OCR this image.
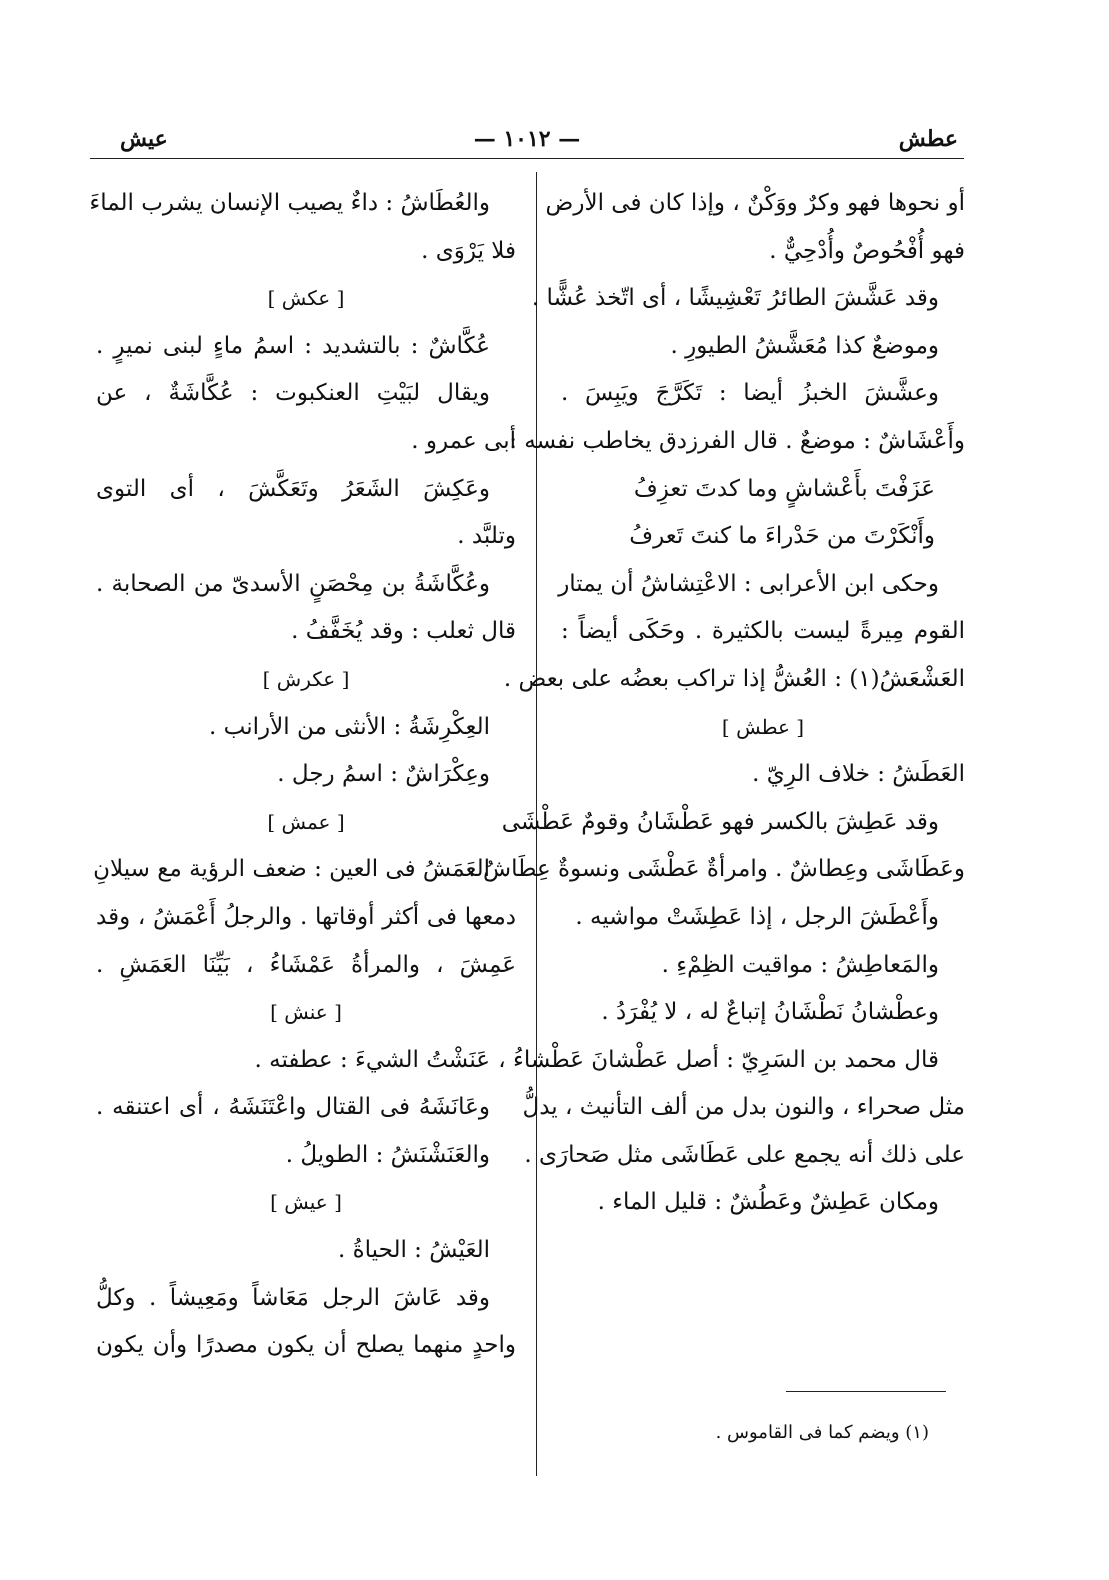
عطش
— ١٠١٢ —
عيش
أو نحوها فهو وكرٌ ووَكْنٌ ، وإذا كان فى الأرض
فهو أُفْحُوصٌ وأُدْحِيٌّ .
وقد عَشَّشَ الطائرُ تَعْشِيشًا ، أى اتّخذ عُشًّا .
وموضعٌ كذا مُعَشَّشُ الطيورِ .
وعشَّشَ الخبزُ أيضا : تَكَرَّجَ ويَبِسَ .
وأَعْشَاشٌ : موضعٌ . قال الفرزدق يخاطب نفسه :
عَزَفْتَ بأَعْشاشٍ وما كدتَ تعزِفُ
وأَنْكَرْتَ من حَدْراءَ ما كنتَ تَعرفُ
وحكى ابن الأعرابى : الاعْتِشاشُ أن يمتار
القوم مِيرةً ليست بالكثيرة . وحَكَى أيضاً :
العَشْعَشُ(١) : العُشُّ إذا تراكب بعضُه على بعض .
[ عطش ]
العَطَشُ : خلاف الرِيّ .
وقد عَطِشَ بالكسر فهو عَطْشَانُ وقومٌ عَطْشَى
وعَطَاشَى وعِطاشٌ . وامرأةٌ عَطْشَى ونسوةٌ عِطَاشٌ .
وأَعْطَشَ الرجل ، إذا عَطِشَتْ مواشيه .
والمَعاطِشُ : مواقيت الظِمْءِ .
وعطْشانُ نَطْشَانُ إتباعٌ له ، لا يُفْرَدُ .
قال محمد بن السَرِيّ : أصل عَطْشانَ عَطْشاءُ ،
مثل صحراء ، والنون بدل من ألف التأنيث ، يدلُّ
على ذلك أنه يجمع على عَطَاشَى مثل صَحارَى .
ومكان عَطِشٌ وعَطُشٌ : قليل الماء .
والعُطَاشُ : داءٌ يصيب الإنسان يشرب الماءَ
فلا يَرْوَى .
[ عكش ]
عُكَّاشٌ : بالتشديد : اسمُ ماءٍ لبنى نميرٍ .
ويقال لبَيْتِ العنكبوت : عُكَّاشَةٌ ، عن
أبى عمرو .
وعَكِشَ الشَعَرُ وتَعَكَّشَ ، أى التوى
وتلبَّد .
وعُكَّاشَةُ بن مِحْصَنٍ الأسدىّ من الصحابة .
قال ثعلب : وقد يُخَفَّفُ .
[ عكرش ]
العِكْرِشَةُ : الأنثى من الأرانب .
وعِكْرَاشٌ : اسمُ رجل .
[ عمش ]
العَمَشُ فى العين : ضعف الرؤية مع سيلانِ
دمعها فى أكثر أوقاتها . والرجلُ أَعْمَشُ ، وقد
عَمِشَ ، والمرأةُ عَمْشَاءُ ، بَيِّنَا العَمَشِ .
[ عنش ]
عَنَشْتُ الشيءَ : عطفته .
وعَانَشَهُ فى القتال واعْتَنَشَهُ ، أى اعتنقه .
والعَنَشْنَشُ : الطويلُ .
[ عيش ]
العَيْشُ : الحياةُ .
وقد عَاشَ الرجل مَعَاشاً ومَعِيشاً . وكلُّ
واحدٍ منهما يصلح أن يكون مصدرًا وأن يكون
(١) ويضم كما فى القاموس .
